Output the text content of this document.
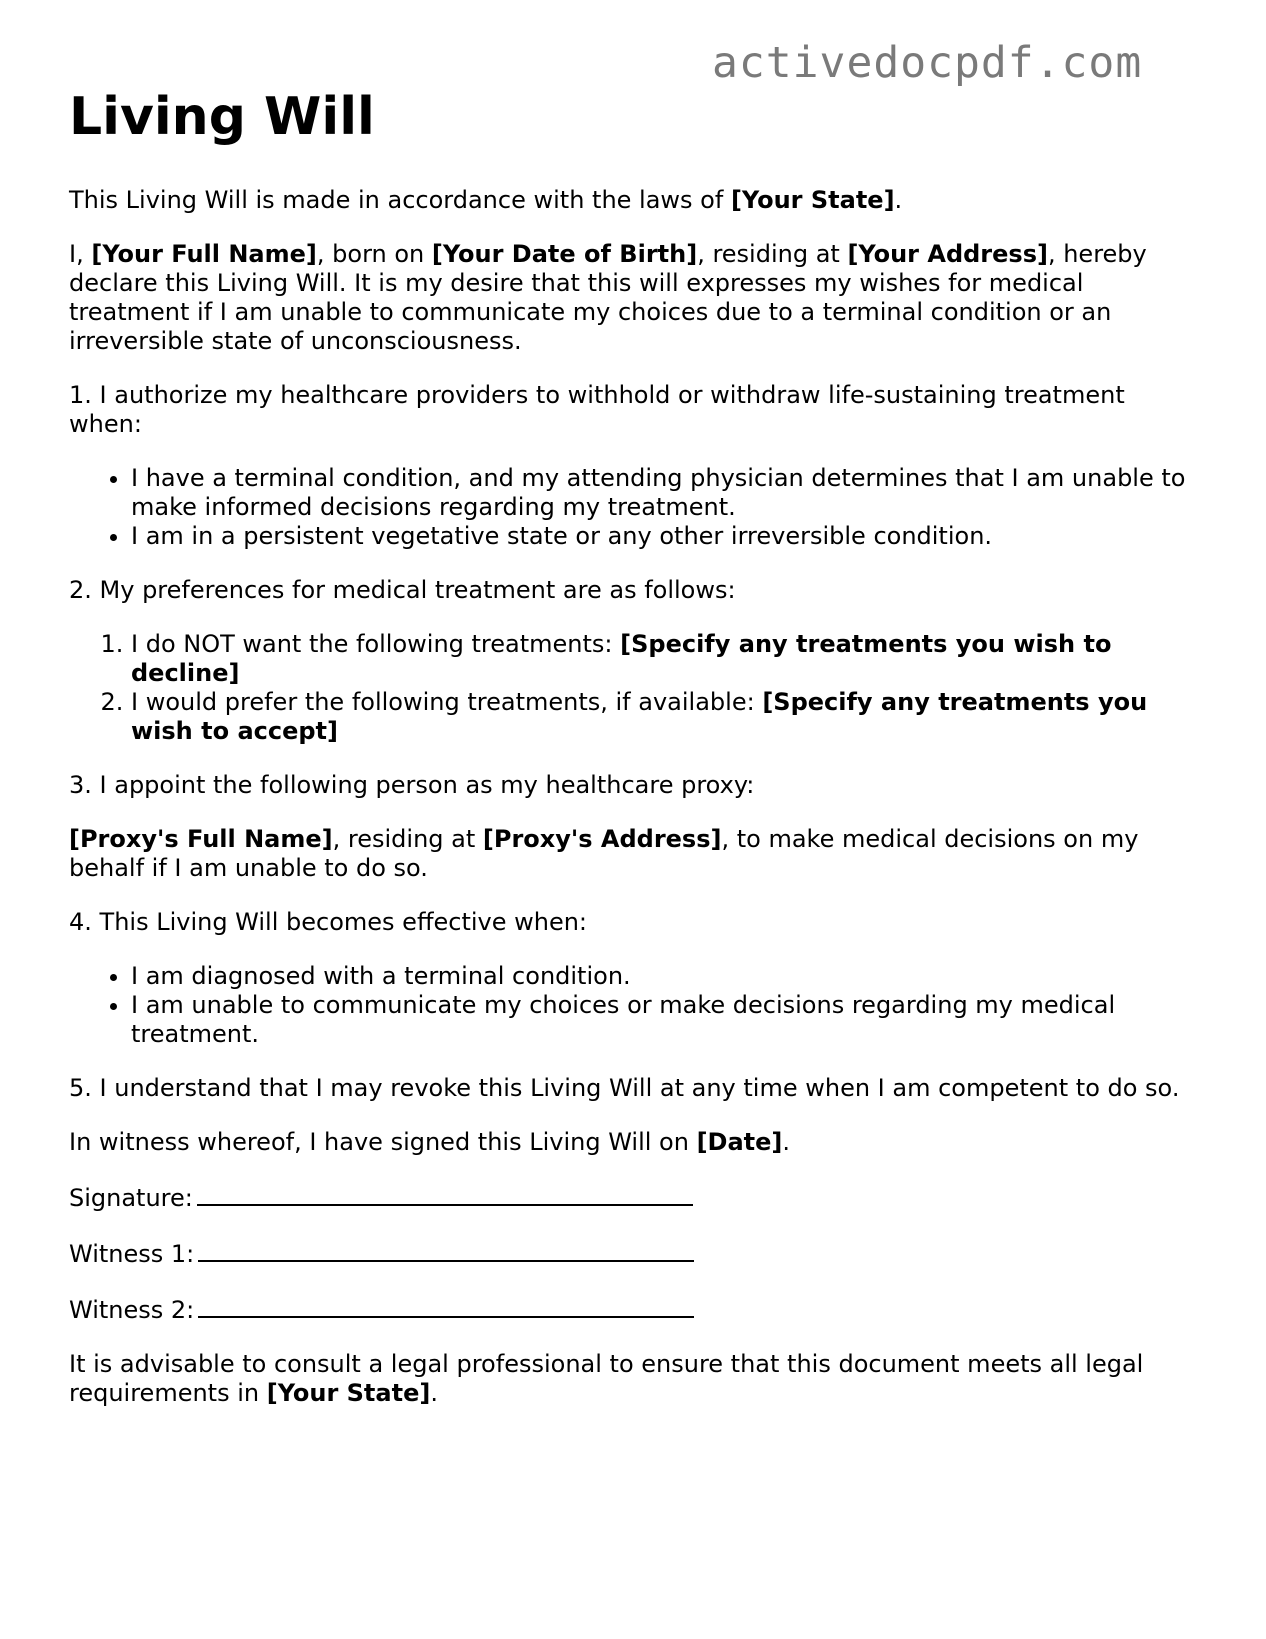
activedocpdf.com
Living Will

This Living Will is made in accordance with the laws of [Your State].

I, [Your Full Name], born on [Your Date of Birth], residing at [Your Address], hereby declare this Living Will. It is my desire that this will expresses my wishes for medical treatment if I am unable to communicate my choices due to a terminal condition or an irreversible state of unconsciousness.

1. I authorize my healthcare providers to withhold or withdraw life-sustaining treatment when:

• I have a terminal condition, and my attending physician determines that I am unable to make informed decisions regarding my treatment.
• I am in a persistent vegetative state or any other irreversible condition.

2. My preferences for medical treatment are as follows:

1. I do NOT want the following treatments: [Specify any treatments you wish to decline]
2. I would prefer the following treatments, if available: [Specify any treatments you wish to accept]

3. I appoint the following person as my healthcare proxy:

[Proxy's Full Name], residing at [Proxy's Address], to make medical decisions on my behalf if I am unable to do so.

4. This Living Will becomes effective when:

• I am diagnosed with a terminal condition.
• I am unable to communicate my choices or make decisions regarding my medical treatment.

5. I understand that I may revoke this Living Will at any time when I am competent to do so.

In witness whereof, I have signed this Living Will on [Date].

Signature:

Witness 1:

Witness 2:

It is advisable to consult a legal professional to ensure that this document meets all legal requirements in [Your State].
